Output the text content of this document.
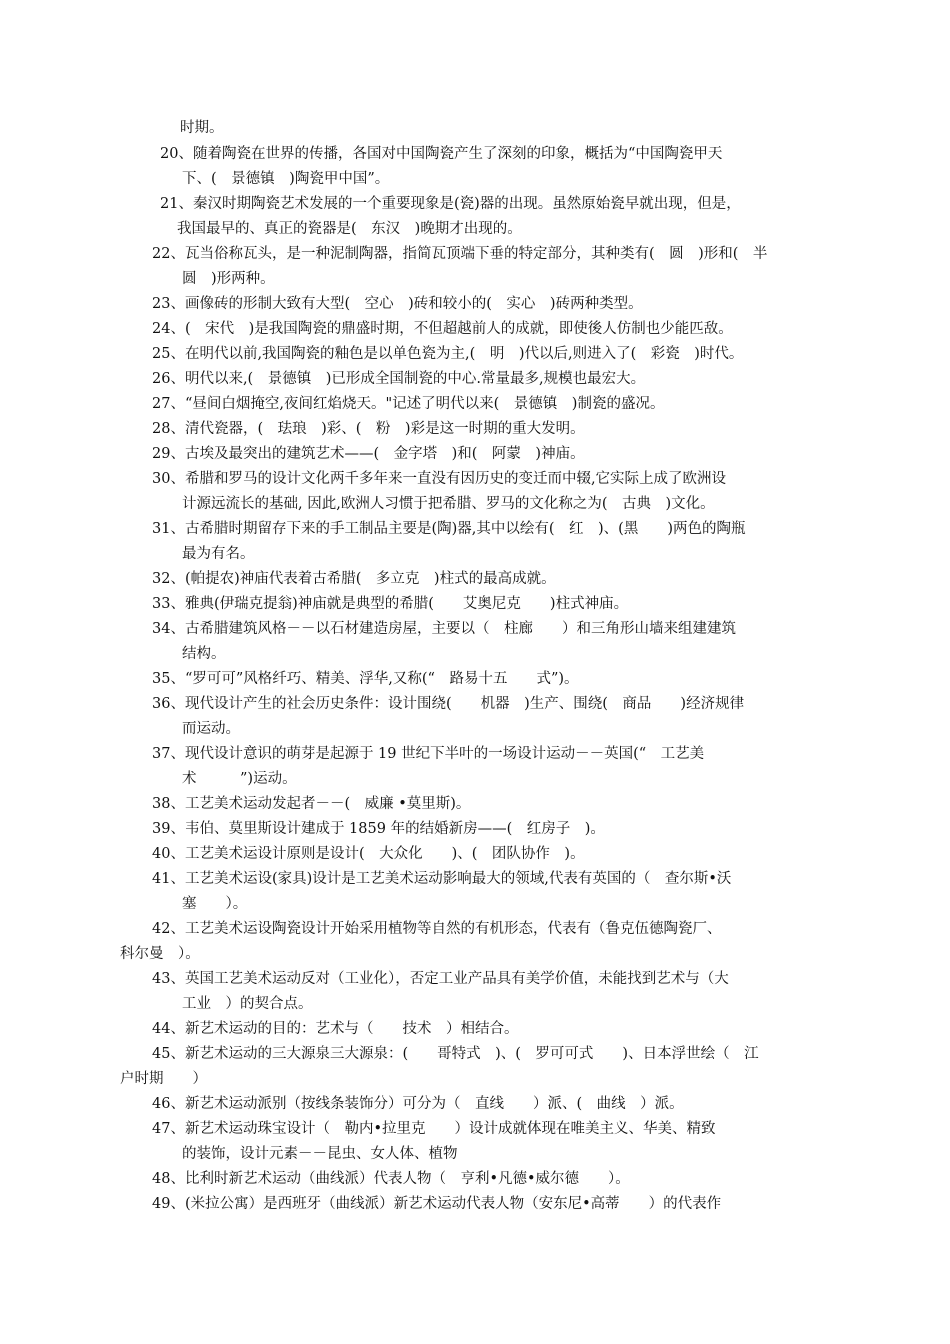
时期。
20、随着陶瓷在世界的传播，各国对中国陶瓷产生了深刻的印象，概括为“中国陶瓷甲天
下、(　景德镇　)陶瓷甲中国”。
21、秦汉时期陶瓷艺术发展的一个重要现象是(瓷)器的出现。虽然原始瓷早就出现，但是，
我国最早的、真正的瓷器是(　东汉　)晚期才出现的。
22、瓦当俗称瓦头，是一种泥制陶器，指简瓦顶端下垂的特定部分，其种类有(　圆　)形和(　半
圆　)形两种。
23、画像砖的形制大致有大型(　空心　)砖和较小的(　实心　)砖两种类型。
24、(　宋代　)是我国陶瓷的鼎盛时期，不但超越前人的成就，即使後人仿制也少能匹敌。
25、在明代以前,我国陶瓷的釉色是以单色瓷为主,(　明　)代以后,则进入了(　彩瓷　)时代。
26、明代以来,(　景德镇　)已形成全国制瓷的中心.常量最多,规模也最宏大。
27、“昼间白烟掩空,夜间红焰烧天。"记述了明代以来(　景德镇　)制瓷的盛况。
28、清代瓷器，(　珐琅　)彩、(　粉　)彩是这一时期的重大发明。
29、古埃及最突出的建筑艺术——(　金字塔　)和(　阿蒙　)神庙。
30、希腊和罗马的设计文化两千多年来一直没有因历史的变迁而中辍,它实际上成了欧洲设
计源远流长的基础, 因此,欧洲人习惯于把希腊、罗马的文化称之为(　古典　)文化。
31、古希腊时期留存下来的手工制品主要是(陶)器,其中以绘有(　红　)、(黑　　)两色的陶瓶
最为有名。
32、(帕提农)神庙代表着古希腊(　多立克　)柱式的最高成就。
33、雅典(伊瑞克提翁)神庙就是典型的希腊(　　艾奥尼克　　)柱式神庙。
34、古希腊建筑风格－－以石材建造房屋，主要以（　柱廊　　）和三角形山墙来组建建筑
结构。
35、“罗可可”风格纤巧、精美、浮华,又称(“　路易十五　　式”)。
36、现代设计产生的社会历史条件：设计围绕(　　机器　)生产、围绕(　商品　　)经济规律
而运动。
37、现代设计意识的萌芽是起源于 19 世纪下半叶的一场设计运动－－英国(“　工艺美
术　　　”)运动。
38、工艺美术运动发起者－－(　威廉 •莫里斯)。
39、韦伯、莫里斯设计建成于 1859 年的结婚新房——(　红房子　)。
40、工艺美术运设计原则是设计(　大众化　　)、(　团队协作　)。
41、工艺美术运设(家具)设计是工艺美术运动影响最大的领域,代表有英国的（　查尔斯•沃
塞　　）。
42、工艺美术运设陶瓷设计开始采用植物等自然的有机形态，代表有（鲁克伍德陶瓷厂、
科尔曼　）。
43、英国工艺美术运动反对（工业化），否定工业产品具有美学价值，未能找到艺术与（大
工业　）的契合点。
44、新艺术运动的目的：艺术与（　　技术　）相结合。
45、新艺术运动的三大源泉三大源泉：(　　哥特式　)、(　罗可可式　　)、日本浮世绘（　江
户时期　　）
46、新艺术运动派别（按线条装饰分）可分为（　直线　　）派、(　曲线　）派。
47、新艺术运动珠宝设计（　勒内•拉里克　　）设计成就体现在唯美主义、华美、精致
的装饰，设计元素－－昆虫、女人体、植物
48、比利时新艺术运动（曲线派）代表人物（　亨利•凡德•威尔德　　）。
49、(米拉公寓）是西班牙（曲线派）新艺术运动代表人物（安东尼•高蒂　　）的代表作
